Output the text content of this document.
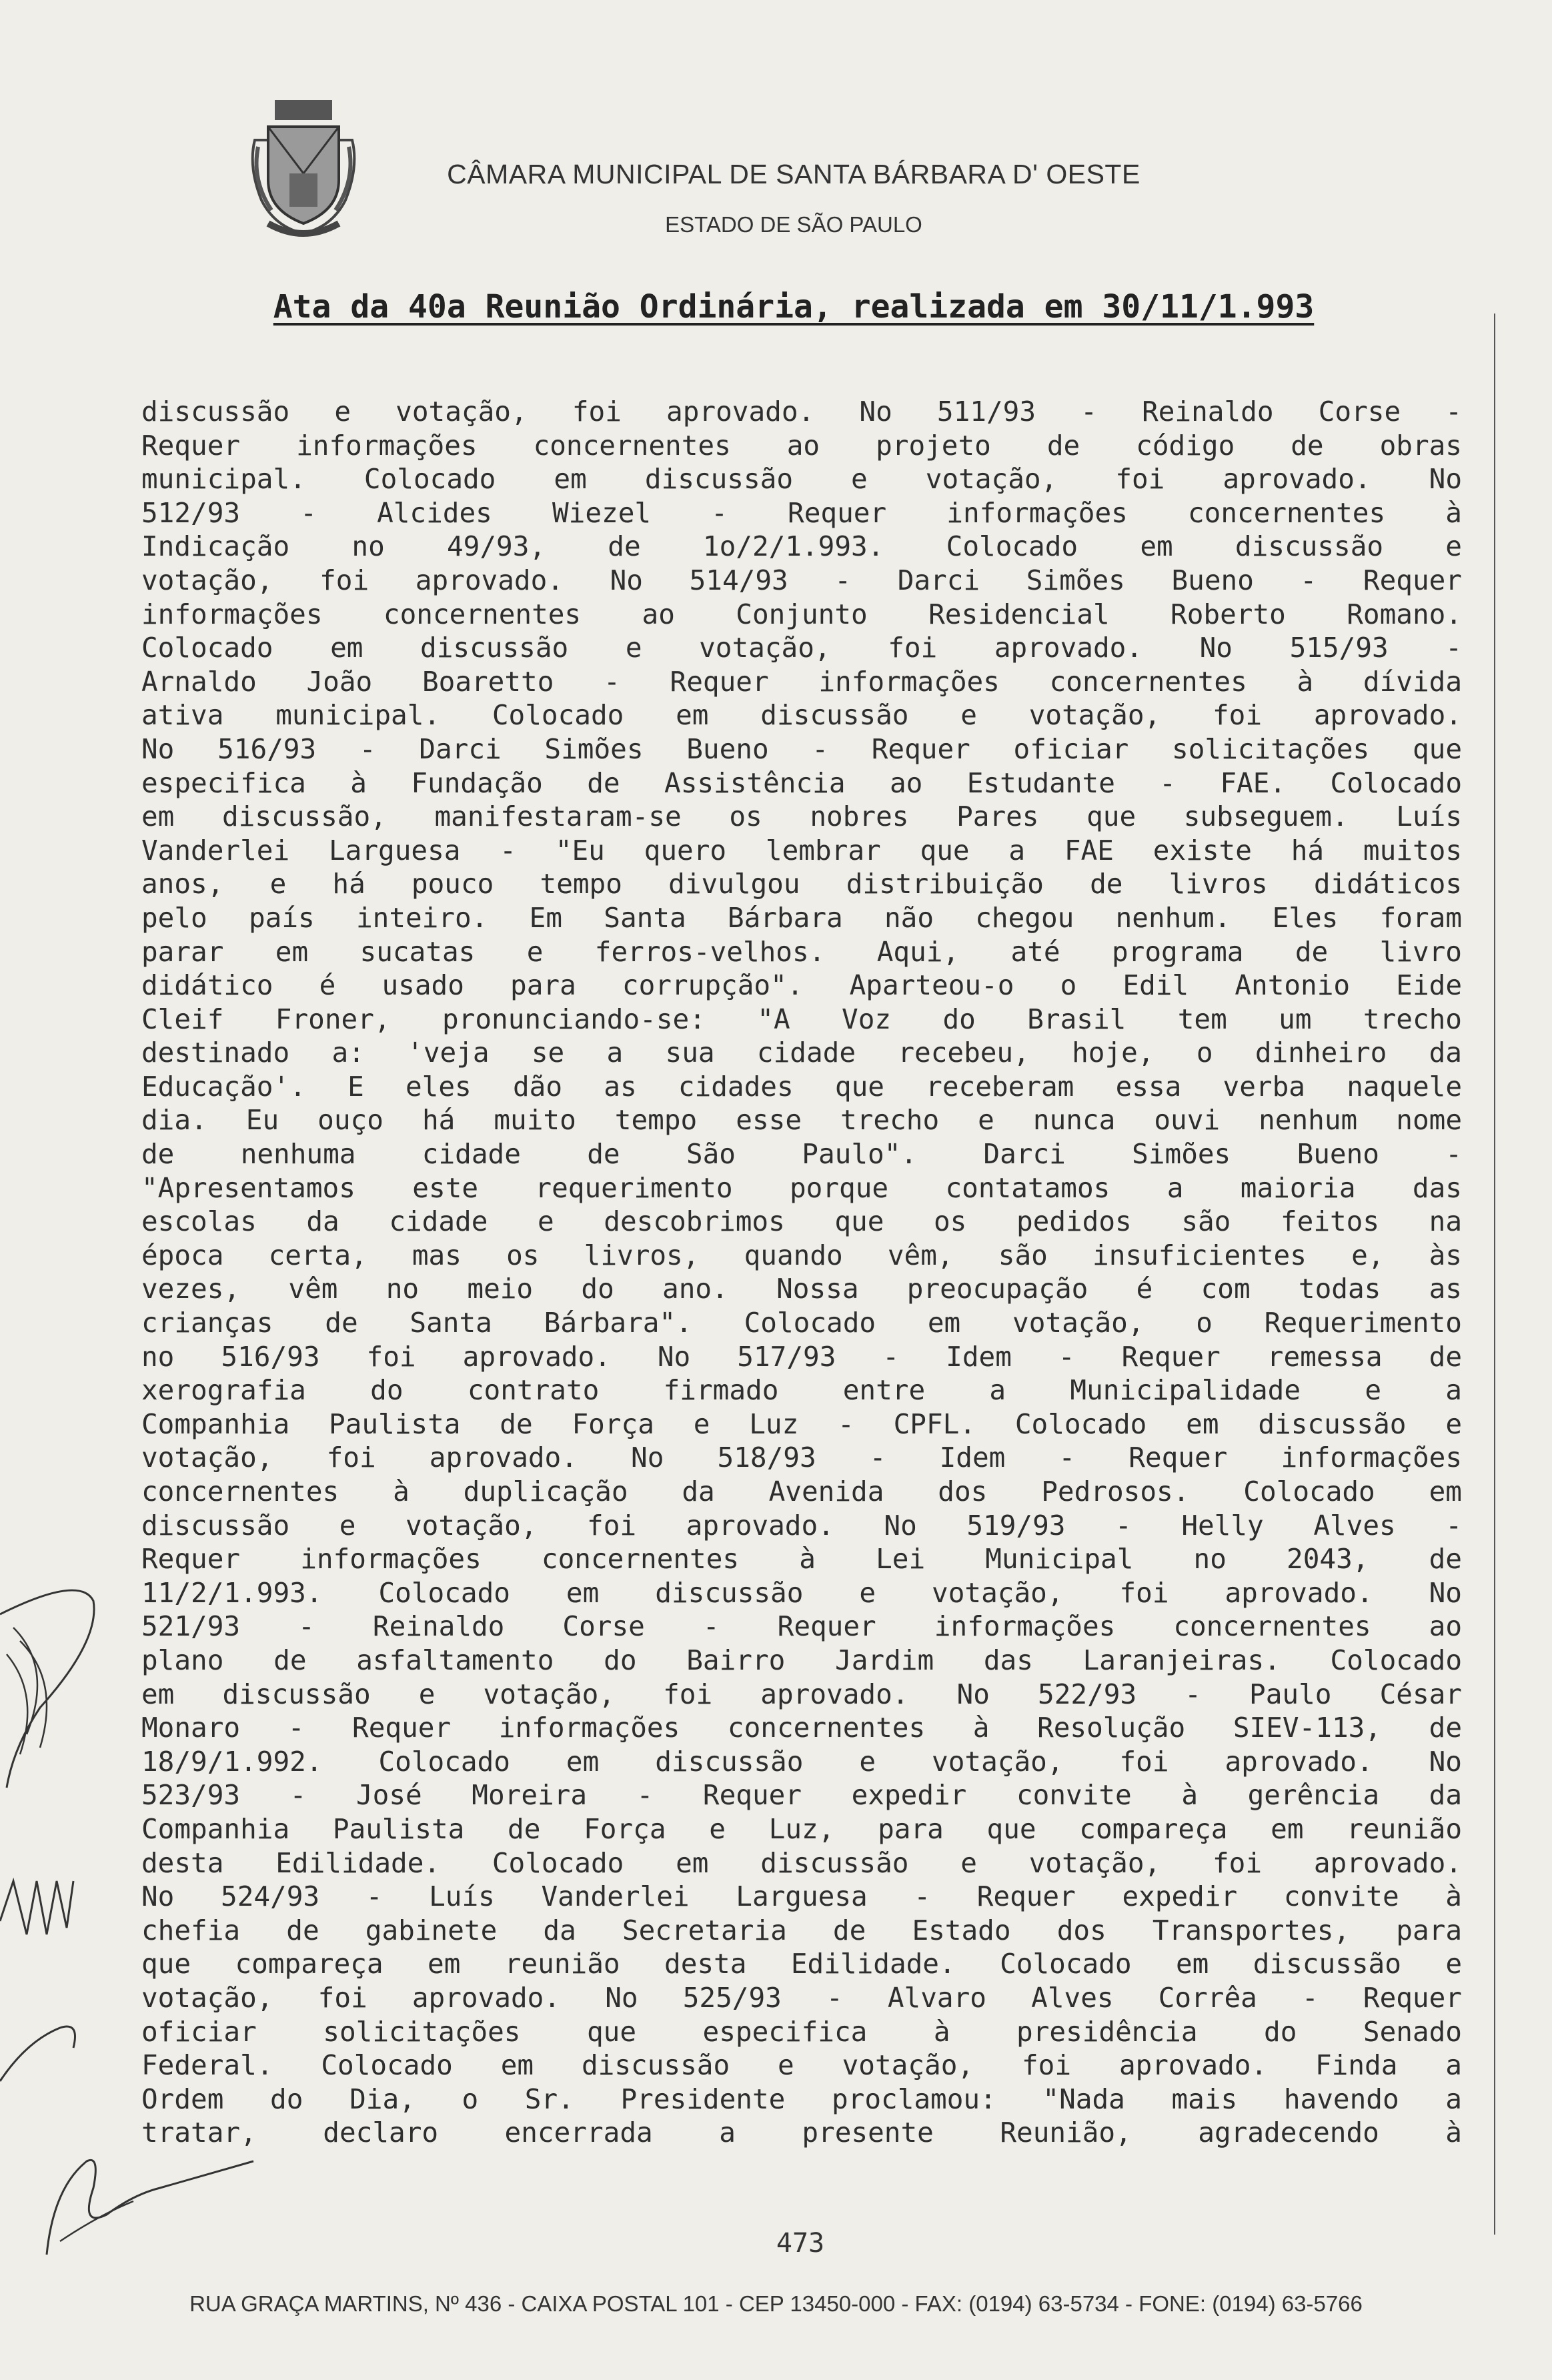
CÂMARA MUNICIPAL DE SANTA BÁRBARA D' OESTE
ESTADO DE SÃO PAULO
Ata da 40a Reunião Ordinária, realizada em 30/11/1.993
discussão e votação, foi aprovado. No 511/93 - Reinaldo Corse -
Requer informações concernentes ao projeto de código de obras
municipal. Colocado em discussão e votação, foi aprovado. No
512/93 - Alcides Wiezel - Requer informações concernentes à
Indicação no 49/93, de 1o/2/1.993. Colocado em discussão e
votação, foi aprovado. No 514/93 - Darci Simões Bueno - Requer
informações concernentes ao Conjunto Residencial Roberto Romano.
Colocado em discussão e votação, foi aprovado. No 515/93 -
Arnaldo João Boaretto - Requer informações concernentes à dívida
ativa municipal. Colocado em discussão e votação, foi aprovado.
No 516/93 - Darci Simões Bueno - Requer oficiar solicitações que
especifica à Fundação de Assistência ao Estudante - FAE. Colocado
em discussão, manifestaram-se os nobres Pares que subseguem. Luís
Vanderlei Larguesa - "Eu quero lembrar que a FAE existe há muitos
anos, e há pouco tempo divulgou distribuição de livros didáticos
pelo país inteiro. Em Santa Bárbara não chegou nenhum. Eles foram
parar em sucatas e ferros-velhos. Aqui, até programa de livro
didático é usado para corrupção". Aparteou-o o Edil Antonio Eide
Cleif Froner, pronunciando-se: "A Voz do Brasil tem um trecho
destinado a: 'veja se a sua cidade recebeu, hoje, o dinheiro da
Educação'. E eles dão as cidades que receberam essa verba naquele
dia. Eu ouço há muito tempo esse trecho e nunca ouvi nenhum nome
de nenhuma cidade de São Paulo". Darci Simões Bueno -
"Apresentamos este requerimento porque contatamos a maioria das
escolas da cidade e descobrimos que os pedidos são feitos na
época certa, mas os livros, quando vêm, são insuficientes e, às
vezes, vêm no meio do ano. Nossa preocupação é com todas as
crianças de Santa Bárbara". Colocado em votação, o Requerimento
no 516/93 foi aprovado. No 517/93 - Idem - Requer remessa de
xerografia do contrato firmado entre a Municipalidade e a
Companhia Paulista de Força e Luz - CPFL. Colocado em discussão e
votação, foi aprovado. No 518/93 - Idem - Requer informações
concernentes à duplicação da Avenida dos Pedrosos. Colocado em
discussão e votação, foi aprovado. No 519/93 - Helly Alves -
Requer informações concernentes à Lei Municipal no 2043, de
11/2/1.993. Colocado em discussão e votação, foi aprovado. No
521/93 - Reinaldo Corse - Requer informações concernentes ao
plano de asfaltamento do Bairro Jardim das Laranjeiras. Colocado
em discussão e votação, foi aprovado. No 522/93 - Paulo César
Monaro - Requer informações concernentes à Resolução SIEV-113, de
18/9/1.992. Colocado em discussão e votação, foi aprovado. No
523/93 - José Moreira - Requer expedir convite à gerência da
Companhia Paulista de Força e Luz, para que compareça em reunião
desta Edilidade. Colocado em discussão e votação, foi aprovado.
No 524/93 - Luís Vanderlei Larguesa - Requer expedir convite à
chefia de gabinete da Secretaria de Estado dos Transportes, para
que compareça em reunião desta Edilidade. Colocado em discussão e
votação, foi aprovado. No 525/93 - Alvaro Alves Corrêa - Requer
oficiar solicitações que especifica à presidência do Senado
Federal. Colocado em discussão e votação, foi aprovado. Finda a
Ordem do Dia, o Sr. Presidente proclamou: "Nada mais havendo a
tratar, declaro encerrada a presente Reunião, agradecendo à
473
RUA GRAÇA MARTINS, Nº 436 - CAIXA POSTAL 101 - CEP 13450-000 - FAX: (0194) 63-5734 - FONE: (0194) 63-5766
